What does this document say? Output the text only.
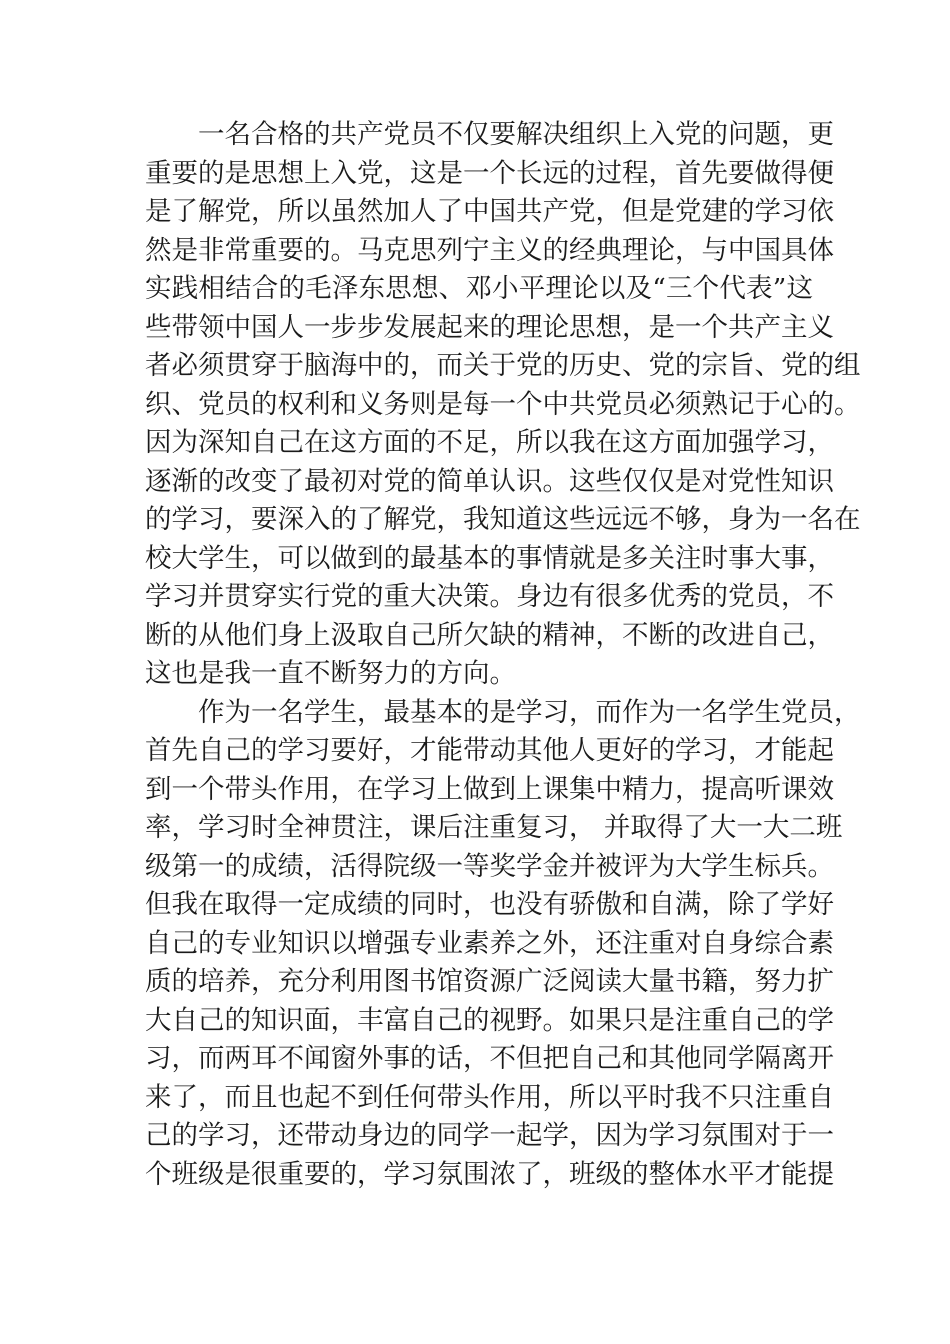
一名合格的共产党员不仅要解决组织上入党的问题，更
重要的是思想上入党，这是一个长远的过程，首先要做得便
是了解党，所以虽然加人了中国共产党，但是党建的学习依
然是非常重要的。马克思列宁主义的经典理论，与中国具体
实践相结合的毛泽东思想、邓小平理论以及“三个代表”这
些带领中国人一步步发展起来的理论思想，是一个共产主义
者必须贯穿于脑海中的，而关于党的历史、党的宗旨、党的组
织、党员的权利和义务则是每一个中共党员必须熟记于心的。
因为深知自己在这方面的不足，所以我在这方面加强学习，
逐渐的改变了最初对党的简单认识。这些仅仅是对党性知识
的学习，要深入的了解党，我知道这些远远不够，身为一名在
校大学生，可以做到的最基本的事情就是多关注时事大事，
学习并贯穿实行党的重大决策。身边有很多优秀的党员，不
断的从他们身上汲取自己所欠缺的精神，不断的改进自己，
这也是我一直不断努力的方向。
作为一名学生，最基本的是学习，而作为一名学生党员，
首先自己的学习要好，才能带动其他人更好的学习，才能起
到一个带头作用，在学习上做到上课集中精力，提高听课效
率，学习时全神贯注，课后注重复习， 并取得了大一大二班
级第一的成绩，活得院级一等奖学金并被评为大学生标兵。
但我在取得一定成绩的同时，也没有骄傲和自满，除了学好
自己的专业知识以增强专业素养之外，还注重对自身综合素
质的培养，充分利用图书馆资源广泛阅读大量书籍，努力扩
大自己的知识面，丰富自己的视野。如果只是注重自己的学
习，而两耳不闻窗外事的话，不但把自己和其他同学隔离开
来了，而且也起不到任何带头作用，所以平时我不只注重自
己的学习，还带动身边的同学一起学，因为学习氛围对于一
个班级是很重要的，学习氛围浓了，班级的整体水平才能提
